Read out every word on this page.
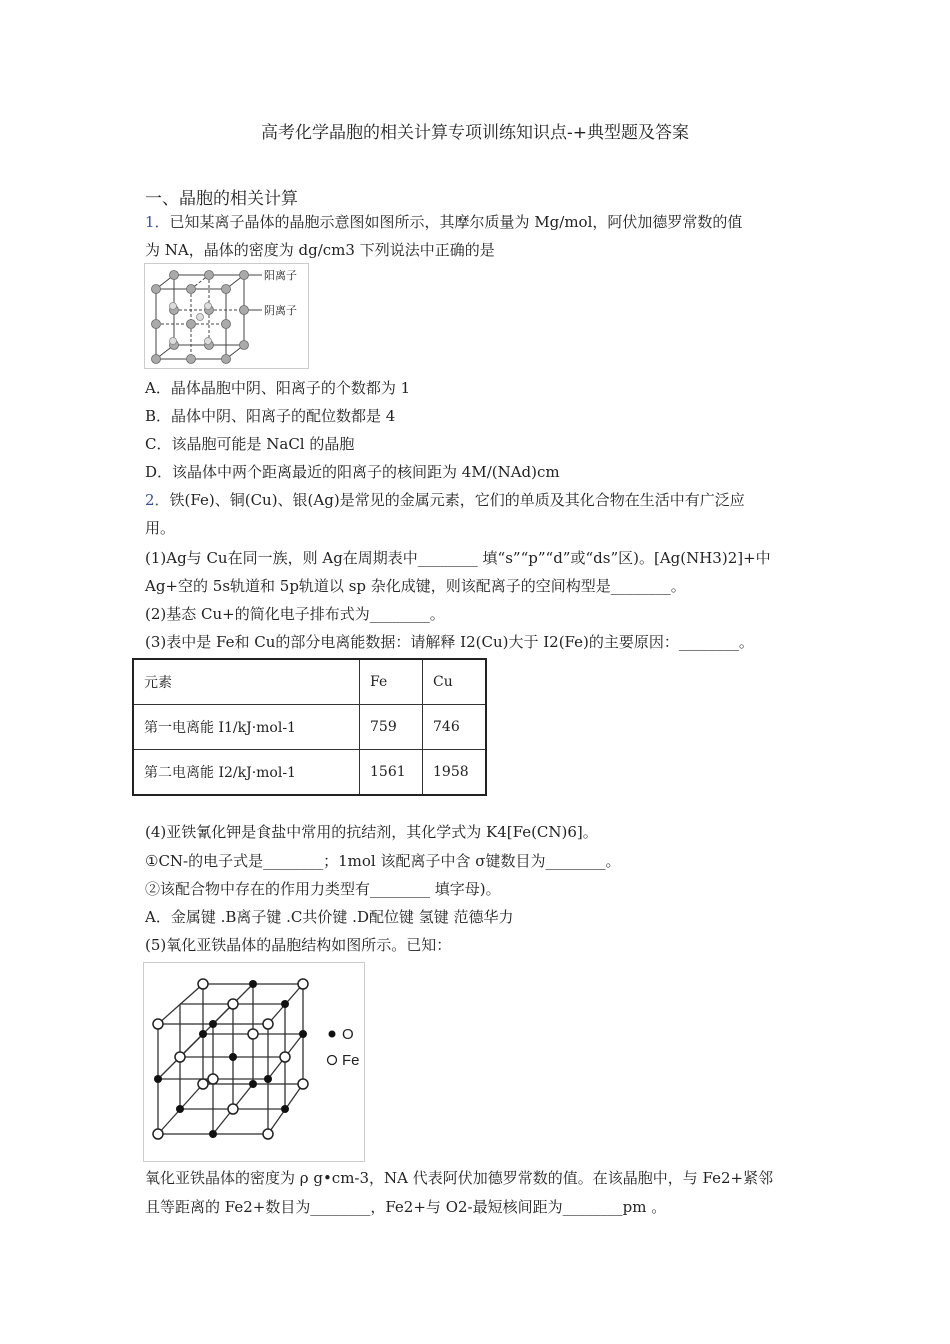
高考化学晶胞的相关计算专项训练知识点-+典型题及答案
一、晶胞的相关计算
1．已知某离子晶体的晶胞示意图如图所示，其摩尔质量为 Mg/mol，阿伏加德罗常数的值
为 NA，晶体的密度为 dg/cm3 下列说法中正确的是
阳离子
阴离子
A．晶体晶胞中阴、阳离子的个数都为 1
B．晶体中阴、阳离子的配位数都是 4
C．该晶胞可能是 NaCl 的晶胞
D．该晶体中两个距离最近的阳离子的核间距为 4M/(NAd)cm
2．铁(Fe)、铜(Cu)、银(Ag)是常见的金属元素，它们的单质及其化合物在生活中有广泛应
用。
(1)Ag与 Cu在同一族，则 Ag在周期表中________ 填“s”“p”“d”或“ds”区)。[Ag(NH3)2]+中
Ag+空的 5s轨道和 5p轨道以 sp 杂化成键，则该配离子的空间构型是________。
(2)基态 Cu+的简化电子排布式为________。
(3)表中是 Fe和 Cu的部分电离能数据：请解释 I2(Cu)大于 I2(Fe)的主要原因：________。
元素	Fe	Cu
第一电离能 I1/kJ·mol-1	759	746
第二电离能 I2/kJ·mol-1	1561	1958
(4)亚铁氰化钾是食盐中常用的抗结剂，其化学式为 K4[Fe(CN)6]。
①CN-的电子式是________；1mol 该配离子中含 σ键数目为________。
②该配合物中存在的作用力类型有________ 填字母)。
A．金属键 .B离子键 .C共价键 .D配位键 氢键 范德华力
(5)氧化亚铁晶体的晶胞结构如图所示。已知：
O
Fe
氧化亚铁晶体的密度为 ρ g•cm-3，NA 代表阿伏加德罗常数的值。在该晶胞中，与 Fe2+紧邻
且等距离的 Fe2+数目为________，Fe2+与 O2-最短核间距为________pm 。
